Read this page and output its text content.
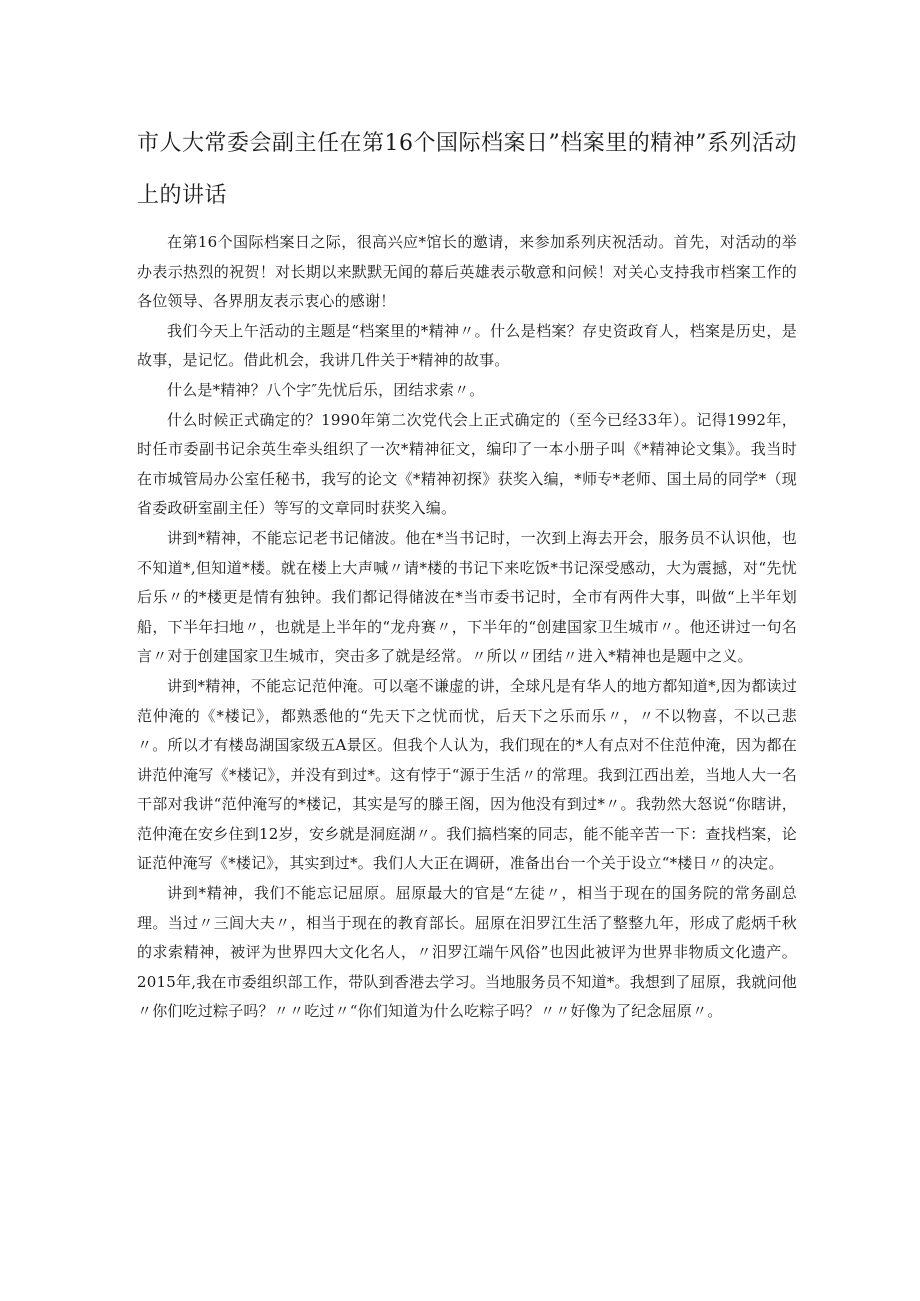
市人大常委会副主任在第16个国际档案日”档案里的精神”系列活动上的讲话

在第16个国际档案日之际，很高兴应*馆长的邀请，来参加系列庆祝活动。首先，对活动的举办表示热烈的祝贺！对长期以来默默无闻的幕后英雄表示敬意和问候！对关心支持我市档案工作的各位领导、各界朋友表示衷心的感谢！

我们今天上午活动的主题是“档案里的*精神〃。什么是档案？存史资政育人，档案是历史，是故事，是记忆。借此机会，我讲几件关于*精神的故事。

什么是*精神？八个字″先忧后乐，团结求索〃。

什么时候正式确定的？1990年第二次党代会上正式确定的（至今已经33年）。记得1992年，时任市委副书记余英生牵头组织了一次*精神征文，编印了一本小册子叫《*精神论文集》。我当时在市城管局办公室任秘书，我写的论文《*精神初探》获奖入编，*师专*老师、国土局的同学*（现省委政研室副主任）等写的文章同时获奖入编。

讲到*精神，不能忘记老书记储波。他在*当书记时，一次到上海去开会，服务员不认识他，也不知道*,但知道*楼。就在楼上大声喊〃请*楼的书记下来吃饭*书记深受感动，大为震撼，对“先忧后乐〃的*楼更是情有独钟。我们都记得储波在*当市委书记时，全市有两件大事，叫做“上半年划船，下半年扫地〃，也就是上半年的“龙舟赛〃，下半年的“创建国家卫生城市〃。他还讲过一句名言〃对于创建国家卫生城市，突击多了就是经常。〃所以〃团结〃进入*精神也是题中之义。

讲到*精神，不能忘记范仲淹。可以毫不谦虚的讲，全球凡是有华人的地方都知道*,因为都读过范仲淹的《*楼记》，都熟悉他的“先天下之忧而忧，后天下之乐而乐〃，〃不以物喜，不以己悲〃。所以才有楼岛湖国家级五A景区。但我个人认为，我们现在的*人有点对不住范仲淹，因为都在讲范仲淹写《*楼记》，并没有到过*。这有悖于“源于生活〃的常理。我到江西出差，当地人大一名干部对我讲“范仲淹写的*楼记，其实是写的滕王阁，因为他没有到过*〃。我勃然大怒说“你瞎讲，范仲淹在安乡住到12岁，安乡就是洞庭湖〃。我们搞档案的同志，能不能辛苦一下：查找档案，论证范仲淹写《*楼记》，其实到过*。我们人大正在调研，准备出台一个关于设立“*楼日〃的决定。

讲到*精神，我们不能忘记屈原。屈原最大的官是“左徒〃，相当于现在的国务院的常务副总理。当过〃三闾大夫〃，相当于现在的教育部长。屈原在汨罗江生活了整整九年，形成了彪炳千秋的求索精神，被评为世界四大文化名人，〃汨罗江端午风俗”也因此被评为世界非物质文化遗产。2015年,我在市委组织部工作，带队到香港去学习。当地服务员不知道*。我想到了屈原，我就问他〃你们吃过粽子吗？〃〃吃过〃“你们知道为什么吃粽子吗？〃〃好像为了纪念屈原〃。
